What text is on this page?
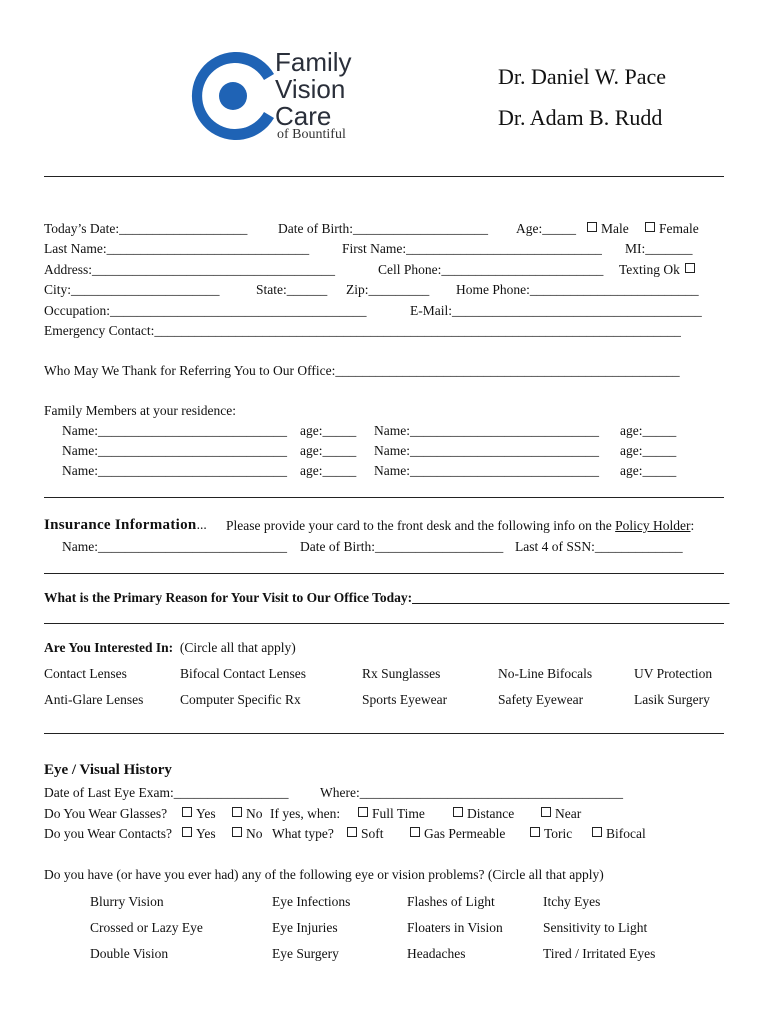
Family
Vision
Care
of Bountiful
Dr. Daniel W. Pace
Dr. Adam B. Rudd
Today’s Date:___________________ Date of Birth:____________________ Age:_____	Male	Female
Last Name:______________________________ First Name:_____________________________ MI:_______
Address:____________________________________	Cell Phone:________________________ Texting Ok
City:______________________	State:______ Zip:_________ Home Phone:_________________________
Occupation:______________________________________	E-Mail:_____________________________________
Emergency Contact:______________________________________________________________________________
Who May We Thank for Referring You to Our Office:___________________________________________________
Family Members at your residence:
Name:____________________________ age:_____ Name:____________________________ age:_____
Name:____________________________ age:_____ Name:____________________________ age:_____
Name:____________________________ age:_____ Name:____________________________ age:_____
Insurance Information... Please provide your card to the front desk and the following info on the Policy Holder:
Name:____________________________ Date of Birth:___________________ Last 4 of SSN:_____________
What is the Primary Reason for Your Visit to Our Office Today:_______________________________________________
Are You Interested In: (Circle all that apply)
Contact Lenses	Bifocal Contact Lenses	Rx Sunglasses	No-Line Bifocals	UV Protection
Anti-Glare Lenses	Computer Specific Rx	Sports Eyewear	Safety Eyewear	Lasik Surgery
Eye / Visual History
Date of Last Eye Exam:_________________ Where:_______________________________________
Do You Wear Glasses?	Yes	No If yes, when:	Full Time	Distance	Near
Do you Wear Contacts?	Yes	No What type?	Soft	Gas Permeable	Toric	Bifocal
Do you have (or have you ever had) any of the following eye or vision problems? (Circle all that apply)
Blurry Vision	Eye Infections	Flashes of Light	Itchy Eyes
Crossed or Lazy Eye	Eye Injuries	Floaters in Vision	Sensitivity to Light
Double Vision	Eye Surgery	Headaches	Tired / Irritated Eyes
